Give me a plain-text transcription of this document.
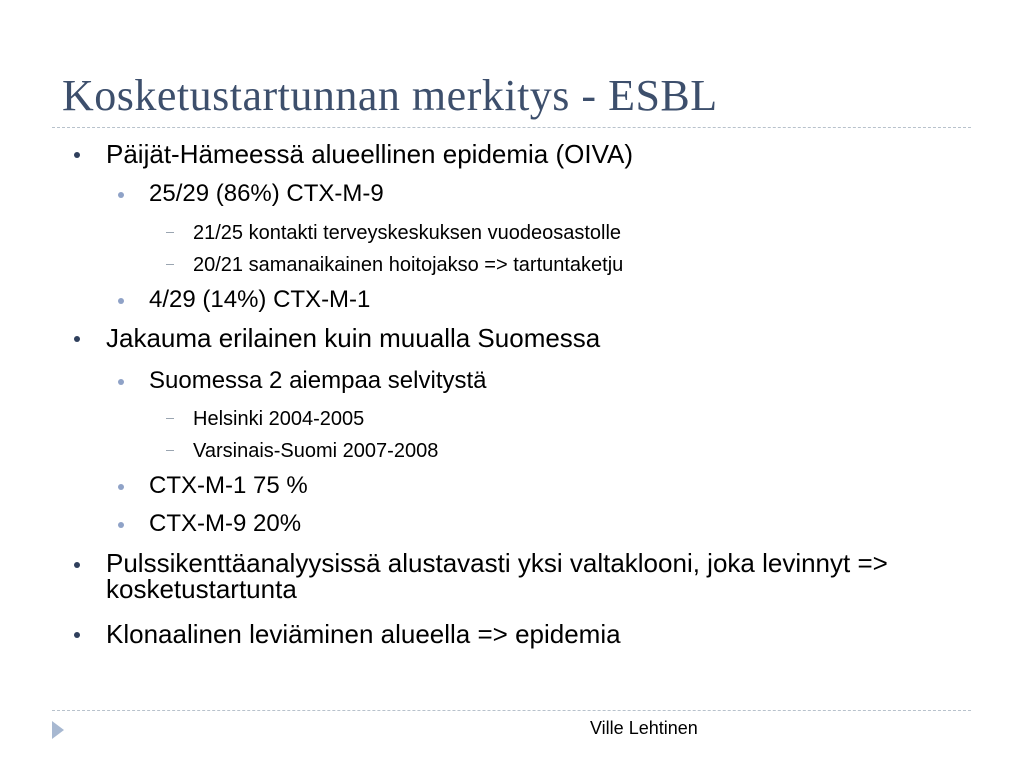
Kosketustartunnan merkitys - ESBL
Päijät-Hämeessä alueellinen epidemia (OIVA)
25/29 (86%) CTX-M-9
21/25 kontakti terveyskeskuksen vuodeosastolle
20/21 samanaikainen hoitojakso => tartuntaketju
4/29 (14%) CTX-M-1
Jakauma erilainen kuin muualla Suomessa
Suomessa 2 aiempaa selvitystä
Helsinki 2004-2005
Varsinais-Suomi 2007-2008
CTX-M-1 75 %
CTX-M-9 20%
Pulssikenttäanalyysissä alustavasti yksi valtaklooni, joka levinnyt => kosketustartunta
Klonaalinen leviäminen alueella => epidemia
Ville Lehtinen
